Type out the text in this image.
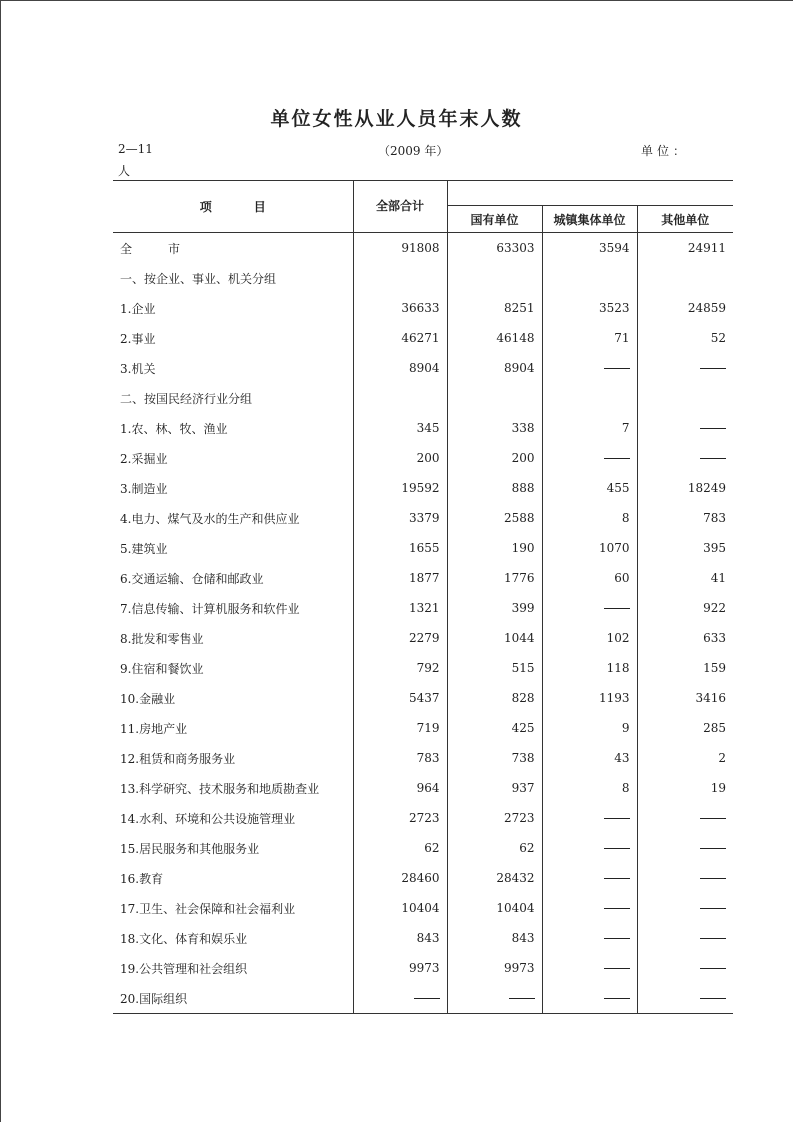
单位女性从业人员年末人数
2—11	（2009 年）	单位：
人
项 目	全部合计			
		国有单位	城镇集体单位	其他单位
全 市	91808	63303	3594	24911
一、按企业、事业、机关分组				
1.企业	36633	8251	3523	24859
2.事业	46271	46148	71	52
3.机关	8904	8904		
二、按国民经济行业分组				
1.农、林、牧、渔业	345	338	7	
2.采掘业	200	200		
3.制造业	19592	888	455	18249
4.电力、煤气及水的生产和供应业	3379	2588	8	783
5.建筑业	1655	190	1070	395
6.交通运输、仓储和邮政业	1877	1776	60	41
7.信息传输、计算机服务和软件业	1321	399		922
8.批发和零售业	2279	1044	102	633
9.住宿和餐饮业	792	515	118	159
10.金融业	5437	828	1193	3416
11.房地产业	719	425	9	285
12.租赁和商务服务业	783	738	43	2
13.科学研究、技术服务和地质勘查业	964	937	8	19
14.水利、环境和公共设施管理业	2723	2723		
15.居民服务和其他服务业	62	62		
16.教育	28460	28432		
17.卫生、社会保障和社会福利业	10404	10404		
18.文化、体育和娱乐业	843	843		
19.公共管理和社会组织	9973	9973		
20.国际组织				
